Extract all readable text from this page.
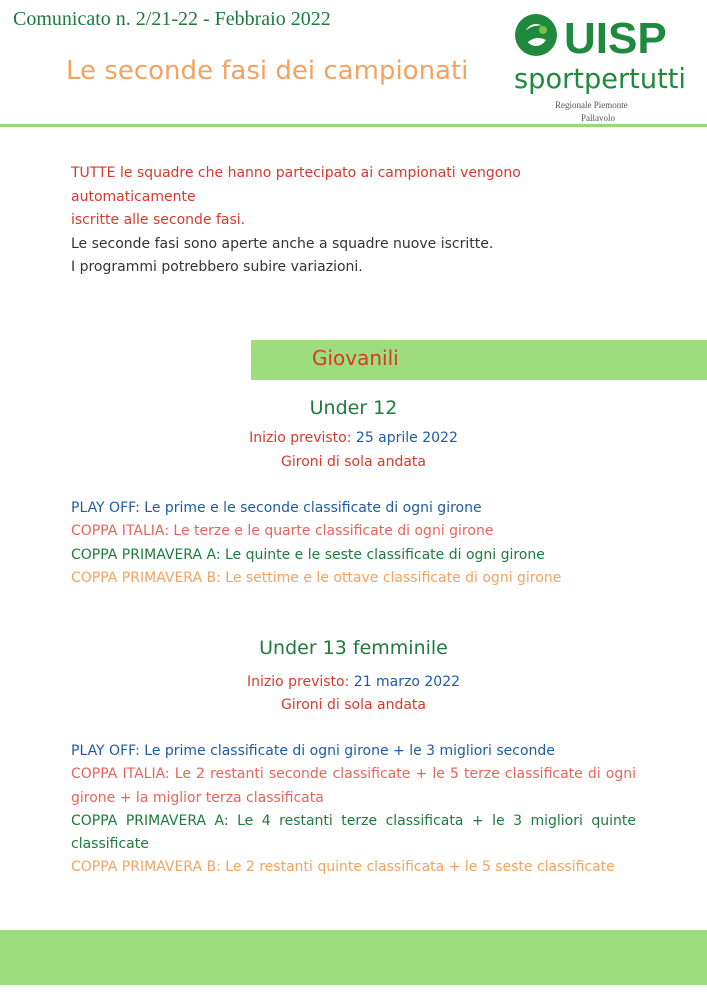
Comunicato n. 2/21-22 - Febbraio 2022
Le seconde fasi dei campionati
UISP
sportpertutti
Regionale Piemonte
Pallavolo
TUTTE le squadre che hanno partecipato ai campionati vengono automaticamente
iscritte alle seconde fasi.
Le seconde fasi sono aperte anche a squadre nuove iscritte.
I programmi potrebbero subire variazioni.
Giovanili
Under 12
Inizio previsto: 25 aprile 2022
Gironi di sola andata
PLAY OFF: Le prime e le seconde classificate di ogni girone
COPPA ITALIA: Le terze e le quarte classificate di ogni girone
COPPA PRIMAVERA A: Le quinte e le seste classificate di ogni girone
COPPA PRIMAVERA B: Le settime e le ottave classificate di ogni girone
Under 13 femminile
Inizio previsto: 21 marzo 2022
Gironi di sola andata
PLAY OFF: Le prime classificate di ogni girone + le 3 migliori seconde
COPPA ITALIA: Le 2 restanti seconde classificate + le 5 terze classificate di ogni girone + la miglior terza classificata
COPPA PRIMAVERA A: Le 4 restanti terze classificata + le 3 migliori quinte classificate
COPPA PRIMAVERA B: Le 2 restanti quinte classificata + le 5 seste classificate
